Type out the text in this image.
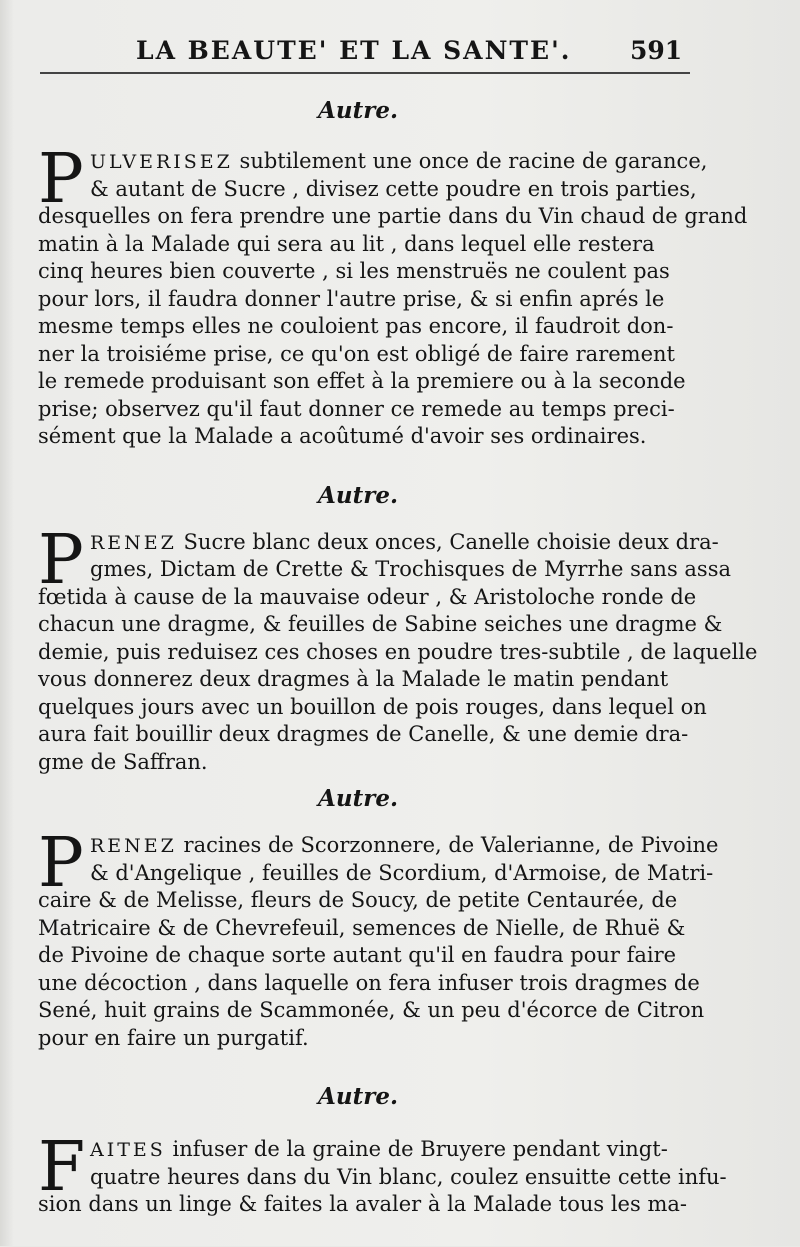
LA BEAUTE' ET LA SANTE'. 591
Autre.
P ULVERISEZ subtilement une once de racine de garance,
& autant de Sucre , divisez cette poudre en trois parties,
desquelles on fera prendre une partie dans du Vin chaud de grand
matin à la Malade qui sera au lit , dans lequel elle restera
cinq heures bien couverte , si les menstruës ne coulent pas
pour lors, il faudra donner l'autre prise, & si enfin aprés le
mesme temps elles ne couloient pas encore, il faudroit don-
ner la troisiéme prise, ce qu'on est obligé de faire rarement
le remede produisant son effet à la premiere ou à la seconde
prise; observez qu'il faut donner ce remede au temps preci-
sément que la Malade a acoûtumé d'avoir ses ordinaires.
Autre.
P RENEZ Sucre blanc deux onces, Canelle choisie deux dra-
gmes, Dictam de Crette & Trochisques de Myrrhe sans assa
fœtida à cause de la mauvaise odeur , & Aristoloche ronde de
chacun une dragme, & feuilles de Sabine seiches une dragme &
demie, puis reduisez ces choses en poudre tres-subtile , de laquelle
vous donnerez deux dragmes à la Malade le matin pendant
quelques jours avec un bouillon de pois rouges, dans lequel on
aura fait bouillir deux dragmes de Canelle, & une demie dra-
gme de Saffran.
Autre.
P RENEZ racines de Scorzonnere, de Valerianne, de Pivoine
& d'Angelique , feuilles de Scordium, d'Armoise, de Matri-
caire & de Melisse, fleurs de Soucy, de petite Centaurée, de
Matricaire & de Chevrefeuil, semences de Nielle, de Rhuë &
de Pivoine de chaque sorte autant qu'il en faudra pour faire
une décoction , dans laquelle on fera infuser trois dragmes de
Sené, huit grains de Scammonée, & un peu d'écorce de Citron
pour en faire un purgatif.
Autre.
F AITES infuser de la graine de Bruyere pendant vingt-
quatre heures dans du Vin blanc, coulez ensuitte cette infu-
sion dans un linge & faites la avaler à la Malade tous les ma-
